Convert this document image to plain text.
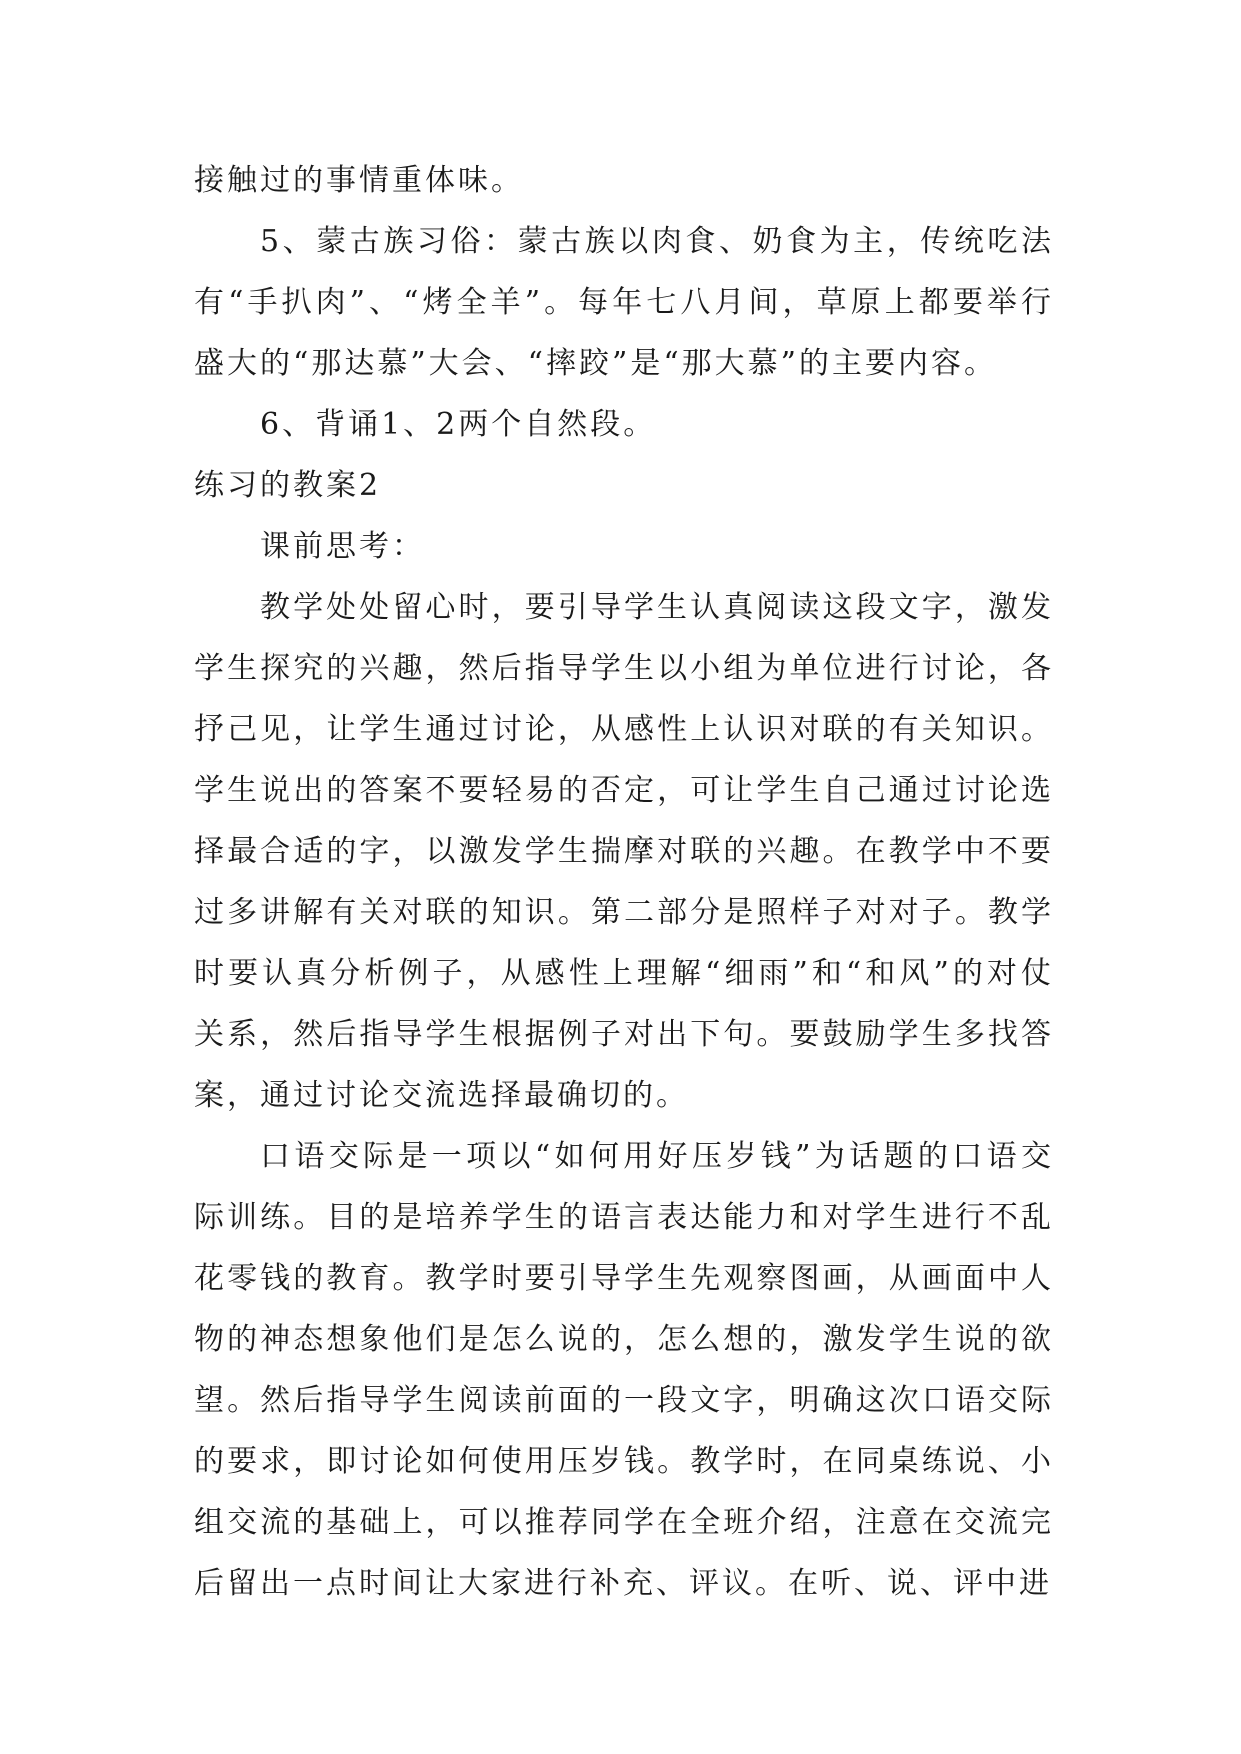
接触过的事情重体味。

5、蒙古族习俗：蒙古族以肉食、奶食为主，传统吃法有“手扒肉”、“烤全羊”。每年七八月间，草原上都要举行盛大的“那达慕”大会、“摔跤”是“那大慕”的主要内容。

6、背诵1、2两个自然段。

练习的教案2

课前思考：

教学处处留心时，要引导学生认真阅读这段文字，激发学生探究的兴趣，然后指导学生以小组为单位进行讨论，各抒己见，让学生通过讨论，从感性上认识对联的有关知识。学生说出的答案不要轻易的否定，可让学生自己通过讨论选择最合适的字，以激发学生揣摩对联的兴趣。在教学中不要过多讲解有关对联的知识。第二部分是照样子对对子。教学时要认真分析例子，从感性上理解“细雨”和“和风”的对仗关系，然后指导学生根据例子对出下句。要鼓励学生多找答案，通过讨论交流选择最确切的。

口语交际是一项以“如何用好压岁钱”为话题的口语交际训练。目的是培养学生的语言表达能力和对学生进行不乱花零钱的教育。教学时要引导学生先观察图画，从画面中人物的神态想象他们是怎么说的，怎么想的，激发学生说的欲望。然后指导学生阅读前面的一段文字，明确这次口语交际的要求，即讨论如何使用压岁钱。教学时，在同桌练说、小组交流的基础上，可以推荐同学在全班介绍，注意在交流完后留出一点时间让大家进行补充、评议。在听、说、评中进
